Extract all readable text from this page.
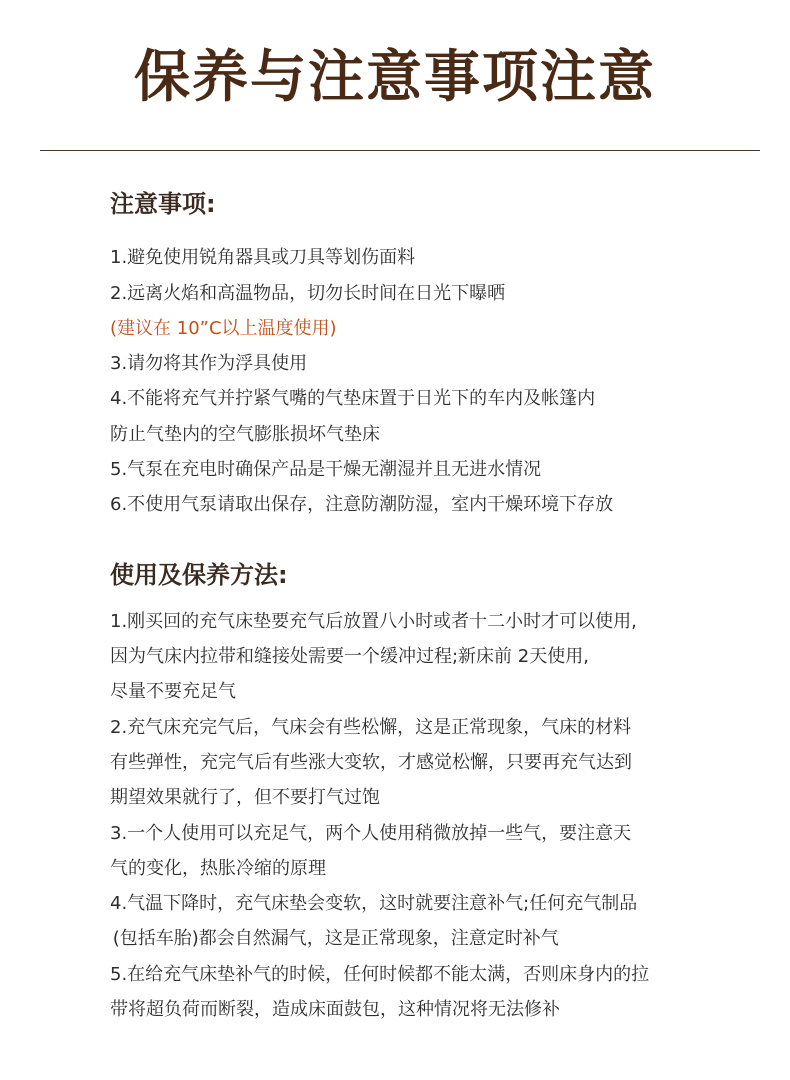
保养与注意事项注意
注意事项:

1.避免使用锐角器具或刀具等划伤面料

2.远离火焰和高温物品，切勿长时间在日光下曝晒

(建议在 10”C以上温度使用)

3.请勿将其作为浮具使用

4.不能将充气并拧紧气嘴的气垫床置于日光下的车内及帐篷内

防止气垫内的空气膨胀损坏气垫床

5.气泵在充电时确保产品是干燥无潮湿并且无进水情况

6.不使用气泵请取出保存，注意防潮防湿，室内干燥环境下存放

使用及保养方法:

1.刚买回的充气床垫要充气后放置八小时或者十二小时才可以使用,

因为气床内拉带和缝接处需要一个缓冲过程;新床前 2天使用,

尽量不要充足气

2.充气床充完气后，气床会有些松懈，这是正常现象，气床的材料

有些弹性，充完气后有些涨大变软，才感觉松懈，只要再充气达到

期望效果就行了，但不要打气过饱

3.一个人使用可以充足气，两个人使用稍微放掉一些气，要注意天

气的变化，热胀冷缩的原理

4.气温下降时，充气床垫会变软，这时就要注意补气;任何充气制品

(包括车胎)都会自然漏气，这是正常现象，注意定时补气

5.在给充气床垫补气的时候，任何时候都不能太满，否则床身内的拉

带将超负荷而断裂，造成床面鼓包，这种情况将无法修补
